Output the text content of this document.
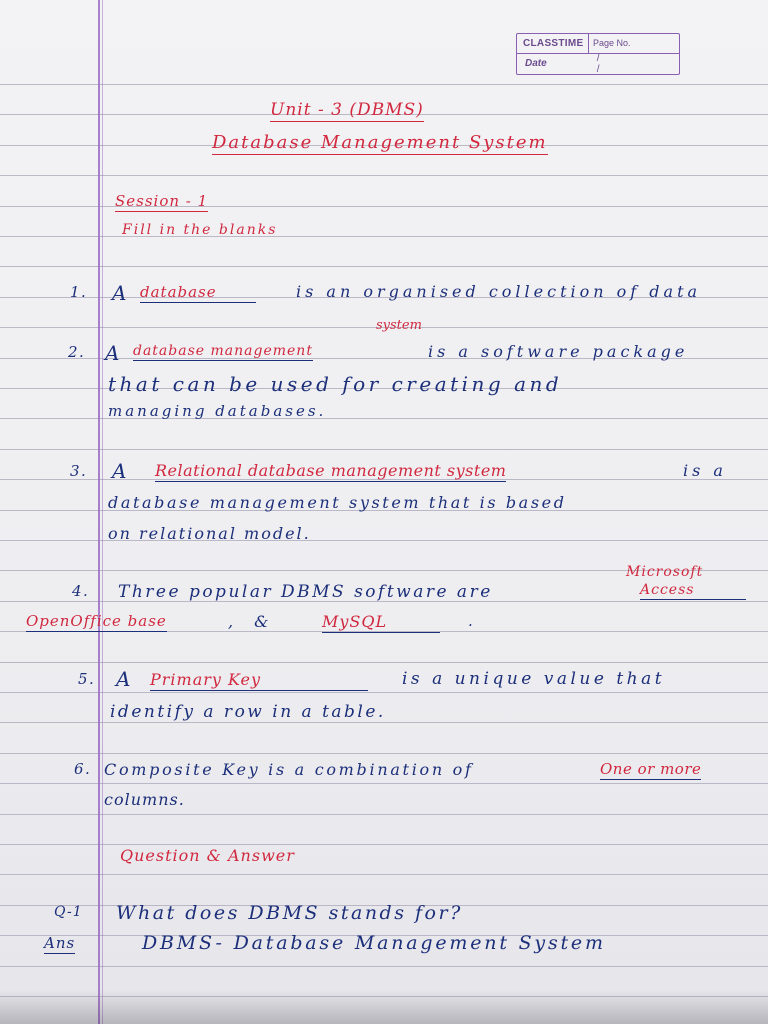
CLASSTIME	Page No.
Date	/ /
Unit - 3 (DBMS)
Database Management System
Session - 1
Fill in the blanks
1. A database	is an organised collection of data
system
2. A database management	is a software package
that can be used for creating and
managing databases.
3. A Relational database management system	is a
database management system that is based
on relational model.
4. Three popular DBMS software are
Microsoft
Access
OpenOffice base	, &	MySQL	.
5. A Primary Key	is a unique value that
identify a row in a table.
6. Composite Key is a combination of	One or more
columns.
Question & Answer
Q-1 What does DBMS stands for?
Ans	DBMS- Database Management System
